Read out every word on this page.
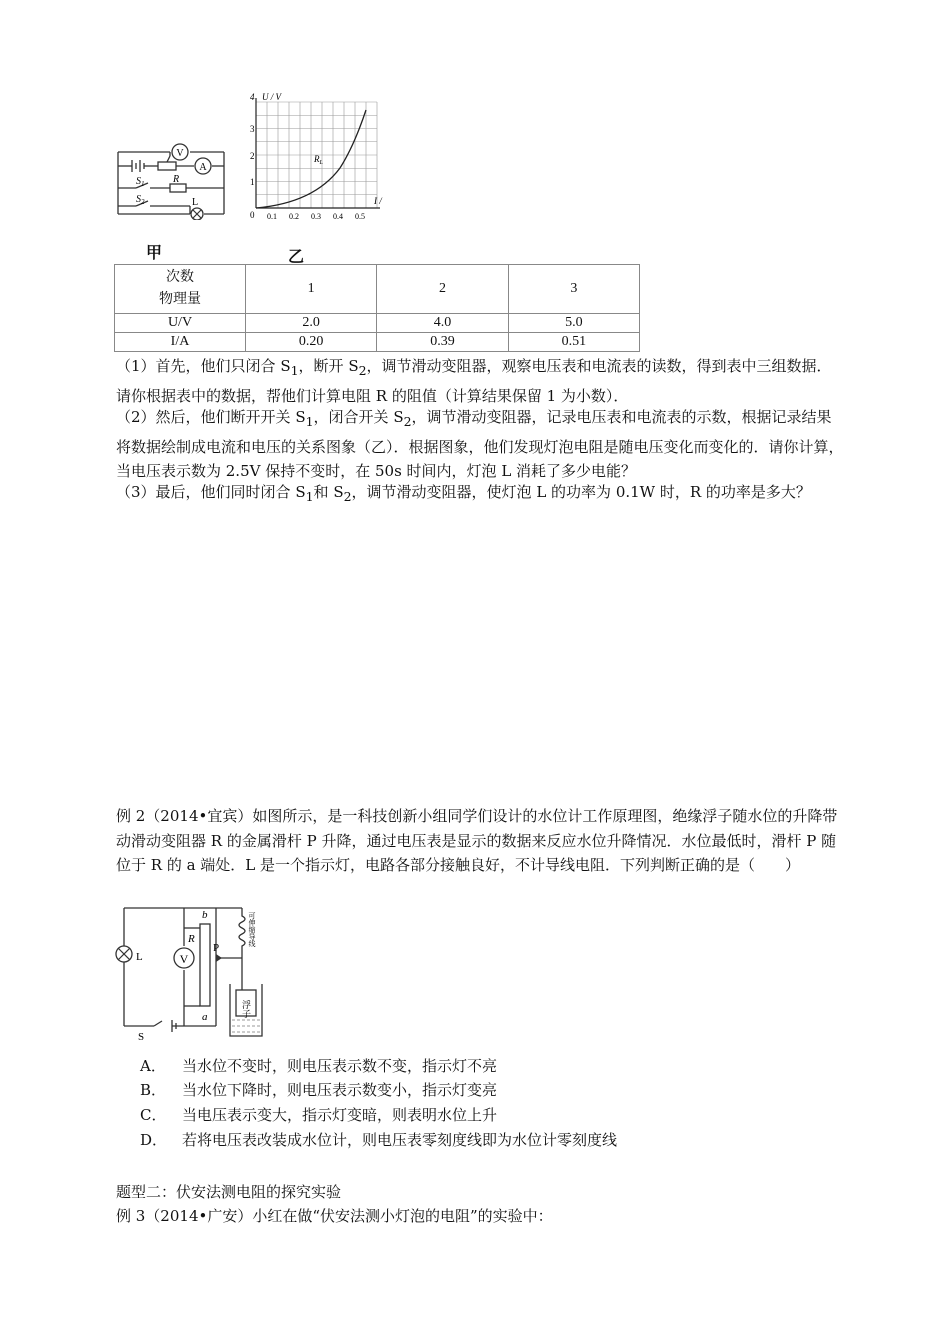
V
A
$S_1$
$S_2$
R
L
甲
4 U / V
3
2
1
0 0.1 0.2 0.3 0.4 0.5
I /
$R_L$
乙
次数
物理量	1	2	3
U/V	2.0	4.0	5.0
I/A	0.20	0.39	0.51
（1）首先，他们只闭合 $S_1$，断开 $S_2$，调节滑动变阻器，观察电压表和电流表的读数，得到表中三组数据．请你根据表中的数据，帮他们计算电阻 R 的阻值（计算结果保留 1 为小数）．
（2）然后，他们断开开关 $S_1$，闭合开关 $S_2$，调节滑动变阻器，记录电压表和电流表的示数，根据记录结果将数据绘制成电流和电压的关系图象（乙）．根据图象，他们发现灯泡电阻是随电压变化而变化的．请你计算，当电压表示数为 2.5V 保持不变时，在 50s 时间内，灯泡 L 消耗了多少电能？
（3）最后，他们同时闭合 $S_1$和 $S_2$，调节滑动变阻器，使灯泡 L 的功率为 0.1W 时，R 的功率是多大？
例 2（2014•宜宾）如图所示，是一科技创新小组同学们设计的水位计工作原理图，绝缘浮子随水位的升降带动滑动变阻器 R 的金属滑杆 P 升降，通过电压表是显示的数据来反应水位升降情况．水位最低时，滑杆 P 随位于 R 的 a 端处．L 是一个指示灯，电路各部分接触良好，不计导线电阻．下列判断正确的是（　　）
V
L
R
b
a
P
可伸缩导线
浮子
S
A． 当水位不变时，则电压表示数不变，指示灯不亮
B． 当水位下降时，则电压表示数变小，指示灯变亮
C． 当电压表示变大，指示灯变暗，则表明水位上升
D． 若将电压表改装成水位计，则电压表零刻度线即为水位计零刻度线
题型二：伏安法测电阻的探究实验
例 3（2014•广安）小红在做“伏安法测小灯泡的电阻”的实验中：
